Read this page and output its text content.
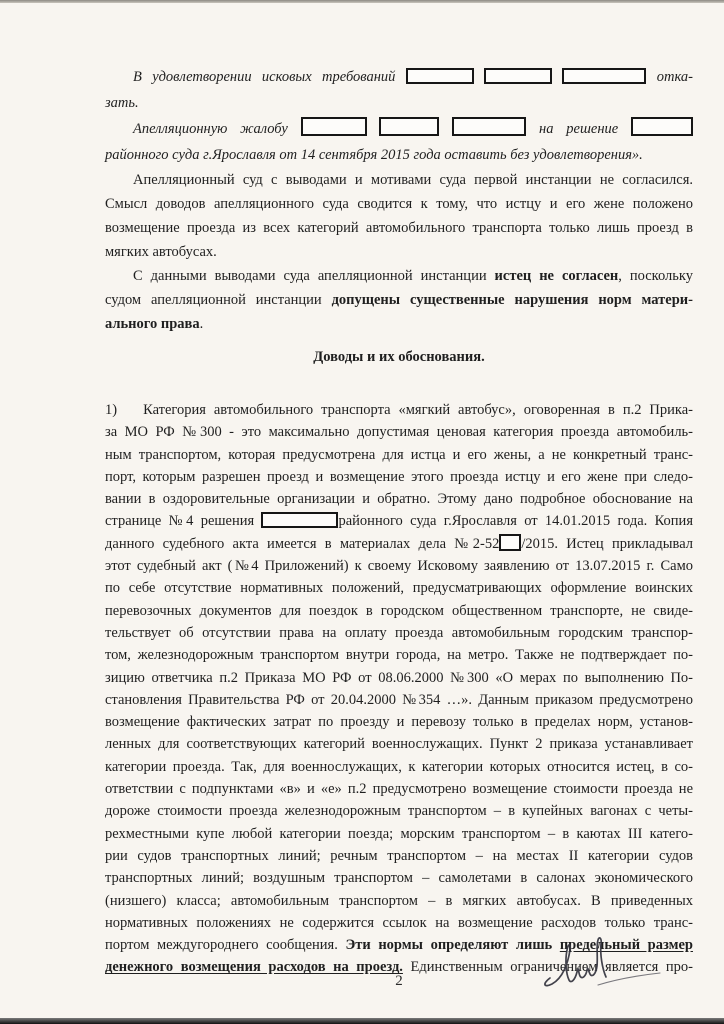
В удовлетворении исковых требований	отка-
зать.
Апелляционную жалобу	на решение
районного суда г.Ярославля от 14 сентября 2015 года оставить без удовлетворения».
Апелляционный суд с выводами и мотивами суда первой инстанции не согласился.
Смысл доводов апелляционного суда сводится к тому, что истцу и его жене положено
возмещение проезда из всех категорий автомобильного транспорта только лишь проезд в
мягких автобусах.
С данными выводами суда апелляционной инстанции истец не согласен, поскольку
судом апелляционной инстанции допущены существенные нарушения норм матери-
ального права.
Доводы и их обоснования.
1) Категория автомобильного транспорта «мягкий автобус», оговоренная в п.2 Прика-
за МО РФ №300 - это максимально допустимая ценовая категория проезда автомобиль-
ным транспортом, которая предусмотрена для истца и его жены, а не конкретный транс-
порт, которым разрешен проезд и возмещение этого проезда истцу и его жене при следо-
вании в оздоровительные организации и обратно. Этому дано подробное обоснование на
странице №4 решения	районного суда г.Ярославля от 14.01.2015 года. Копия
данного судебного акта имеется в материалах дела №2-52 /2015. Истец прикладывал
этот судебный акт (№4 Приложений) к своему Исковому заявлению от 13.07.2015 г. Само
по себе отсутствие нормативных положений, предусматривающих оформление воинских
перевозочных документов для поездок в городском общественном транспорте, не свиде-
тельствует об отсутствии права на оплату проезда автомобильным городским транспор-
том, железнодорожным транспортом внутри города, на метро. Также не подтверждает по-
зицию ответчика п.2 Приказа МО РФ от 08.06.2000 №300 «О мерах по выполнению По-
становления Правительства РФ от 20.04.2000 №354 …». Данным приказом предусмотрено
возмещение фактических затрат по проезду и перевозу только в пределах норм, установ-
ленных для соответствующих категорий военнослужащих. Пункт 2 приказа устанавливает
категории проезда. Так, для военнослужащих, к категории которых относится истец, в со-
ответствии с подпунктами «в» и «е» п.2 предусмотрено возмещение стоимости проезда не
дороже стоимости проезда железнодорожным транспортом – в купейных вагонах с четы-
рехместными купе любой категории поезда; морским транспортом – в каютах III катего-
рии судов транспортных линий; речным транспортом – на местах II категории судов
транспортных линий; воздушным транспортом – самолетами в салонах экономического
(низшего) класса; автомобильным транспортом – в мягких автобусах. В приведенных
нормативных положениях не содержится ссылок на возмещение расходов только транс-
портом междугороднего сообщения. Эти нормы определяют лишь предельный размер
денежного возмещения расходов на проезд. Единственным ограничением является про-
2
